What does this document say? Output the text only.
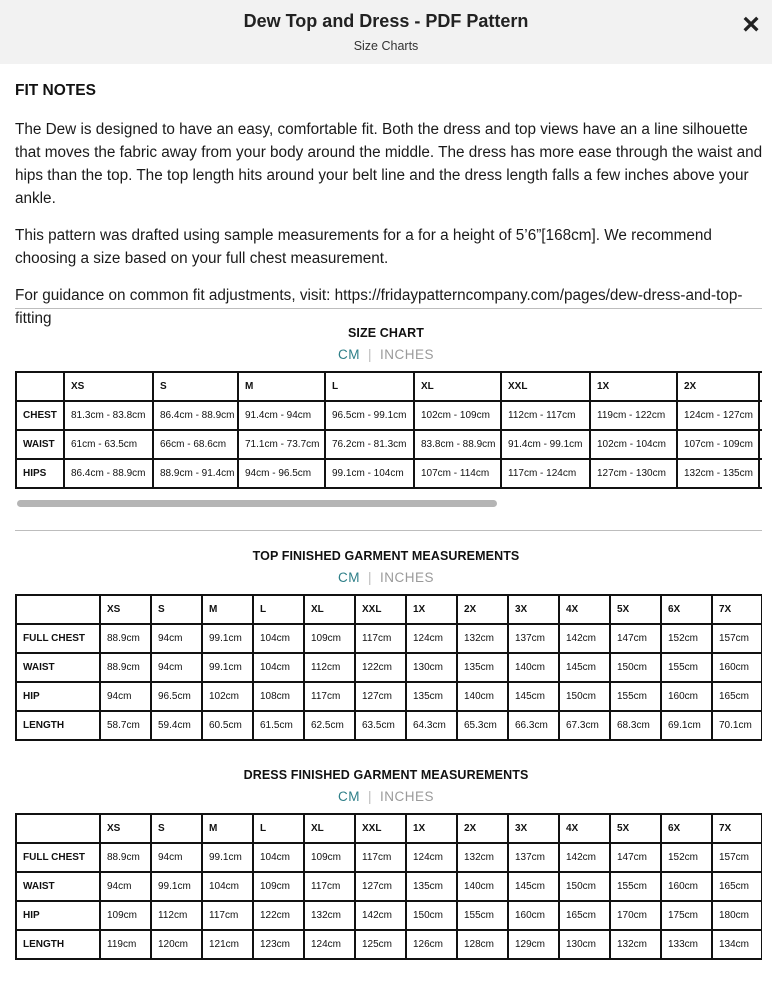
Dew Top and Dress - PDF Pattern
Size Charts
×
FIT NOTES

The Dew is designed to have an easy, comfortable fit. Both the dress and top views have an a line silhouette that moves the fabric away from your body around the middle. The dress has more ease through the waist and hips than the top. The top length hits around your belt line and the dress length falls a few inches above your ankle.

This pattern was drafted using sample measurements for a for a height of 5’6”[168cm]. We recommend choosing a size based on your full chest measurement.

For guidance on common fit adjustments, visit: https://fridaypatterncompany.com/pages/dew-dress-and-top-fitting

SIZE CHART
CM | INCHES
	XS	S	M	L	XL	XXL	1X	2X	
CHEST	81.3cm - 83.8cm	86.4cm - 88.9cm	91.4cm - 94cm	96.5cm - 99.1cm	102cm - 109cm	112cm - 117cm	119cm - 122cm	124cm - 127cm	
WAIST	61cm - 63.5cm	66cm - 68.6cm	71.1cm - 73.7cm	76.2cm - 81.3cm	83.8cm - 88.9cm	91.4cm - 99.1cm	102cm - 104cm	107cm - 109cm	
HIPS	86.4cm - 88.9cm	88.9cm - 91.4cm	94cm - 96.5cm	99.1cm - 104cm	107cm - 114cm	117cm - 124cm	127cm - 130cm	132cm - 135cm	
TOP FINISHED GARMENT MEASUREMENTS
CM | INCHES
	XS	S	M	L	XL	XXL	1X	2X	3X	4X	5X	6X	7X
FULL CHEST	88.9cm	94cm	99.1cm	104cm	109cm	117cm	124cm	132cm	137cm	142cm	147cm	152cm	157cm
WAIST	88.9cm	94cm	99.1cm	104cm	112cm	122cm	130cm	135cm	140cm	145cm	150cm	155cm	160cm
HIP	94cm	96.5cm	102cm	108cm	117cm	127cm	135cm	140cm	145cm	150cm	155cm	160cm	165cm
LENGTH	58.7cm	59.4cm	60.5cm	61.5cm	62.5cm	63.5cm	64.3cm	65.3cm	66.3cm	67.3cm	68.3cm	69.1cm	70.1cm
DRESS FINISHED GARMENT MEASUREMENTS
CM | INCHES
	XS	S	M	L	XL	XXL	1X	2X	3X	4X	5X	6X	7X
FULL CHEST	88.9cm	94cm	99.1cm	104cm	109cm	117cm	124cm	132cm	137cm	142cm	147cm	152cm	157cm
WAIST	94cm	99.1cm	104cm	109cm	117cm	127cm	135cm	140cm	145cm	150cm	155cm	160cm	165cm
HIP	109cm	112cm	117cm	122cm	132cm	142cm	150cm	155cm	160cm	165cm	170cm	175cm	180cm
LENGTH	119cm	120cm	121cm	123cm	124cm	125cm	126cm	128cm	129cm	130cm	132cm	133cm	134cm
